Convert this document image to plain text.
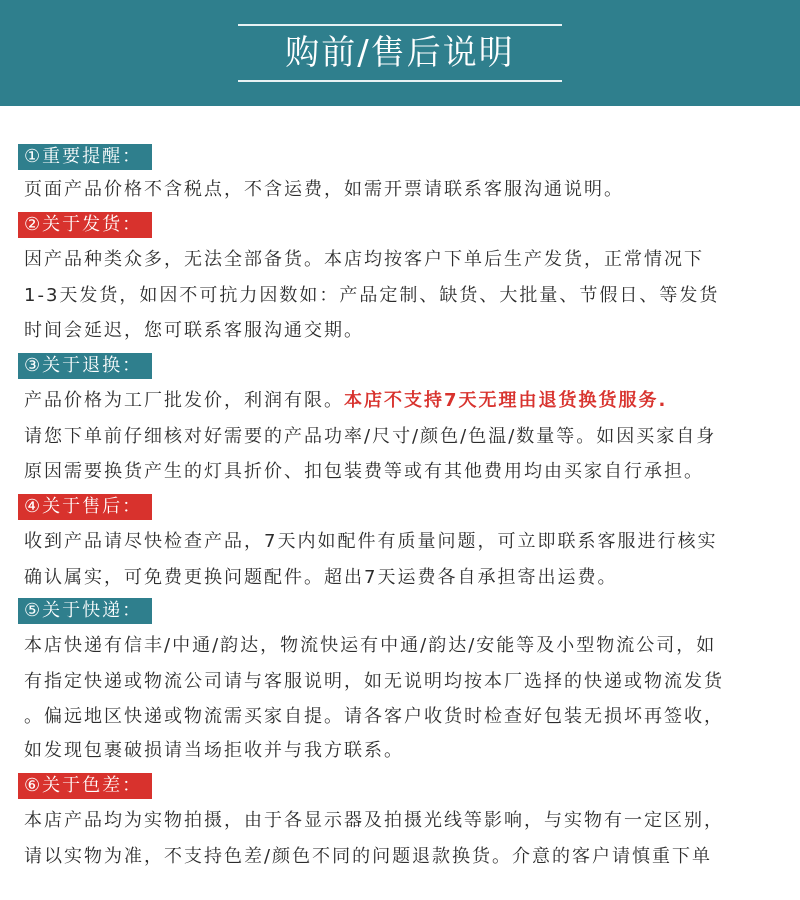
购前/售后说明
①重要提醒：
页面产品价格不含税点，不含运费，如需开票请联系客服沟通说明。
②关于发货：
因产品种类众多，无法全部备货。本店均按客户下单后生产发货，正常情况下
1-3天发货，如因不可抗力因数如：产品定制、缺货、大批量、节假日、等发货
时间会延迟，您可联系客服沟通交期。
③关于退换：
产品价格为工厂批发价，利润有限。本店不支持7天无理由退货换货服务.
请您下单前仔细核对好需要的产品功率/尺寸/颜色/色温/数量等。如因买家自身
原因需要换货产生的灯具折价、扣包装费等或有其他费用均由买家自行承担。
④关于售后：
收到产品请尽快检查产品，7天内如配件有质量问题，可立即联系客服进行核实
确认属实，可免费更换问题配件。超出7天运费各自承担寄出运费。
⑤关于快递：
本店快递有信丰/中通/韵达，物流快运有中通/韵达/安能等及小型物流公司，如
有指定快递或物流公司请与客服说明，如无说明均按本厂选择的快递或物流发货
。偏远地区快递或物流需买家自提。请各客户收货时检查好包装无损坏再签收，
如发现包裹破损请当场拒收并与我方联系。
⑥关于色差：
本店产品均为实物拍摄，由于各显示器及拍摄光线等影响，与实物有一定区别，
请以实物为准，不支持色差/颜色不同的问题退款换货。介意的客户请慎重下单
